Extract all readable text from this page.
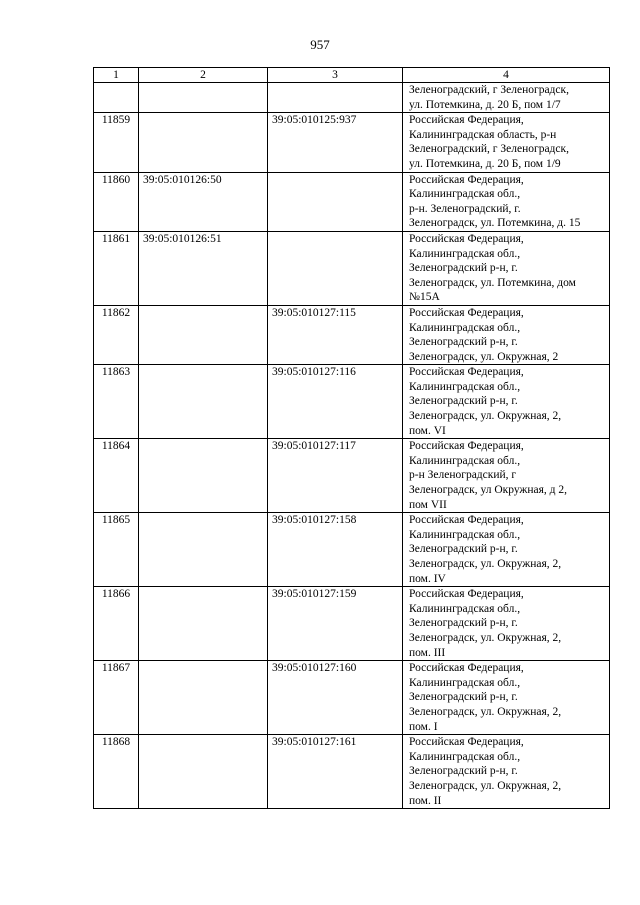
957
1	2	3	4

			Зеленоградский, г Зеленоградск,
ул. Потемкина, д. 20 Б, пом 1/7

11859		39:05:010125:937	Российская Федерация,
Калининградская область, р-н
Зеленоградский, г Зеленоградск,
ул. Потемкина, д. 20 Б, пом 1/9

11860	39:05:010126:50		Российская Федерация,
Калининградская обл.,
р-н. Зеленоградский, г.
Зеленоградск, ул. Потемкина, д. 15

11861	39:05:010126:51		Российская Федерация,
Калининградская обл.,
Зеленоградский р-н, г.
Зеленоградск, ул. Потемкина, дом
№15А

11862		39:05:010127:115	Российская Федерация,
Калининградская обл.,
Зеленоградский р-н, г.
Зеленоградск, ул. Окружная, 2

11863		39:05:010127:116	Российская Федерация,
Калининградская обл.,
Зеленоградский р-н, г.
Зеленоградск, ул. Окружная, 2,
пом. VI

11864		39:05:010127:117	Российская Федерация,
Калининградская обл.,
р-н Зеленоградский, г
Зеленоградск, ул Окружная, д 2,
пом VII

11865		39:05:010127:158	Российская Федерация,
Калининградская обл.,
Зеленоградский р-н, г.
Зеленоградск, ул. Окружная, 2,
пом. IV

11866		39:05:010127:159	Российская Федерация,
Калининградская обл.,
Зеленоградский р-н, г.
Зеленоградск, ул. Окружная, 2,
пом. III

11867		39:05:010127:160	Российская Федерация,
Калининградская обл.,
Зеленоградский р-н, г.
Зеленоградск, ул. Окружная, 2,
пом. I

11868		39:05:010127:161	Российская Федерация,
Калининградская обл.,
Зеленоградский р-н, г.
Зеленоградск, ул. Окружная, 2,
пом. II
